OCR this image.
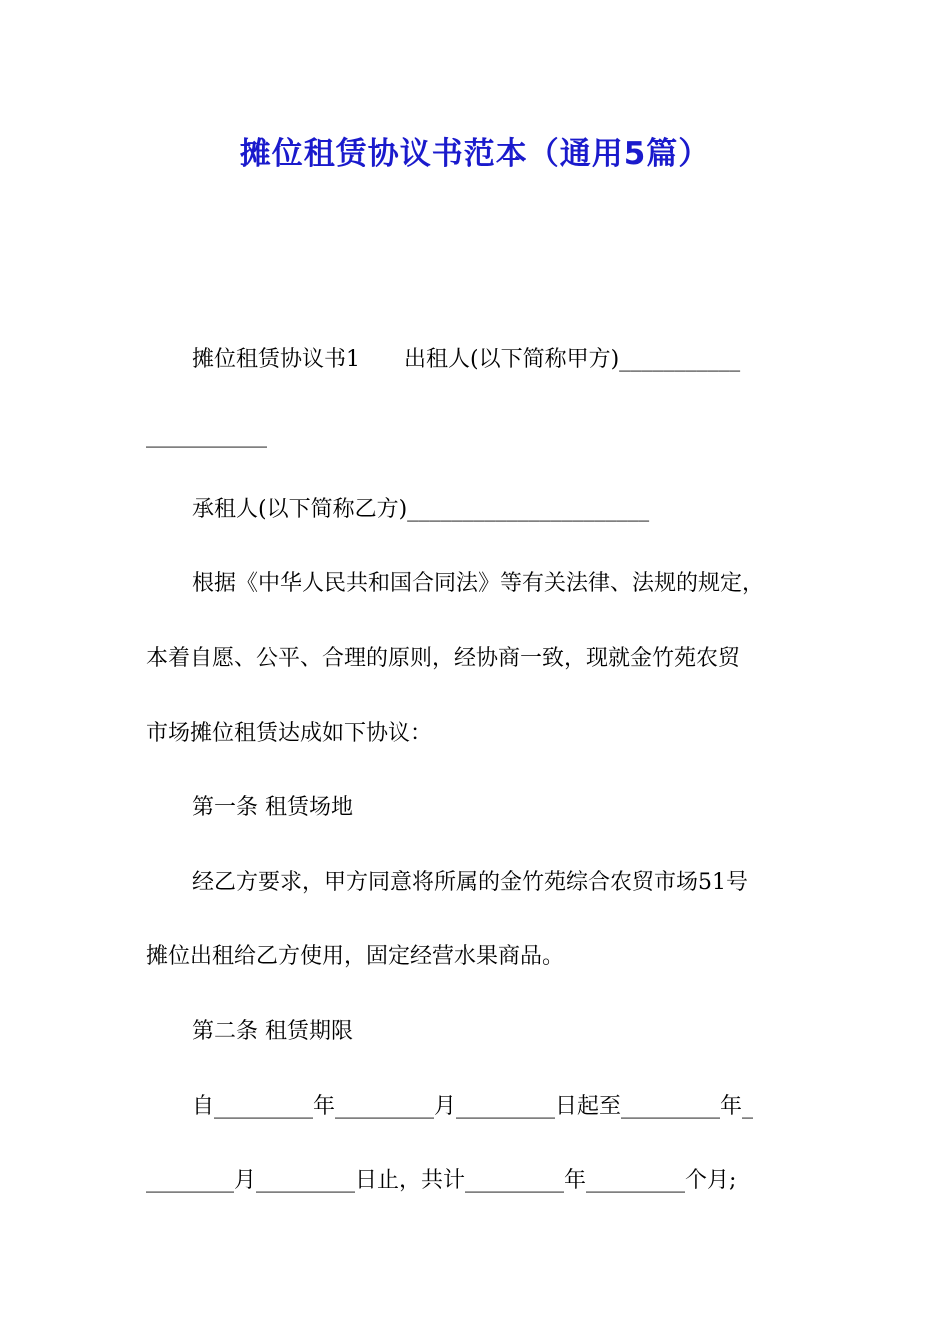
摊位租赁协议书范本（通用5篇）
摊位租赁协议书1　　出租人(以下简称甲方)___________
___________
承租人(以下简称乙方)______________________
根据《中华人民共和国合同法》等有关法律、法规的规定，
本着自愿、公平、合理的原则，经协商一致，现就金竹苑农贸
市场摊位租赁达成如下协议：
第一条 租赁场地
经乙方要求，甲方同意将所属的金竹苑综合农贸市场51号
摊位出租给乙方使用，固定经营水果商品。
第二条 租赁期限
自_________年_________月_________日起至_________年_
________月_________日止，共计_________年_________个月;
